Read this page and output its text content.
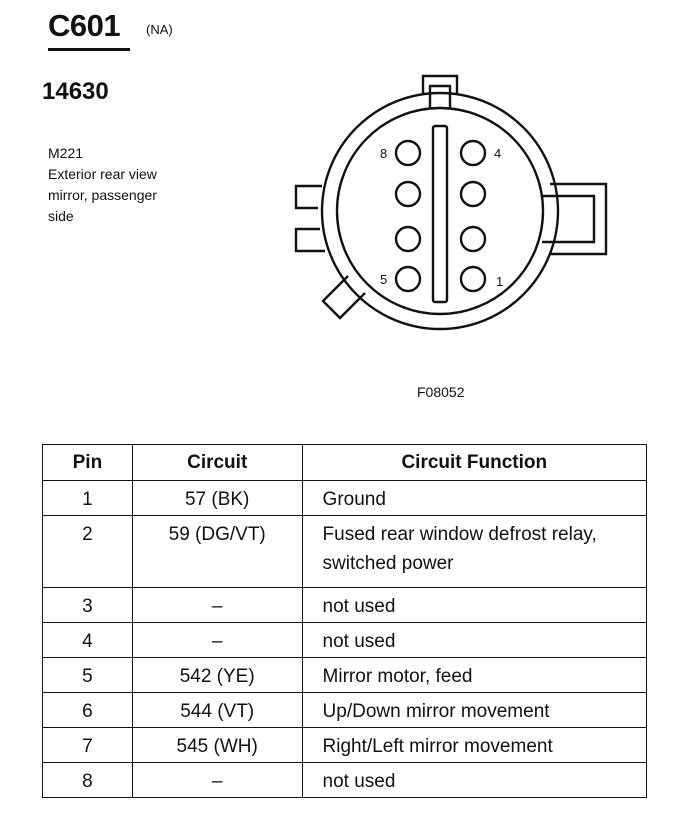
C601 (NA)
14630
M221
Exterior rear view
mirror, passenger
side
8	4
5	1
F08052
Pin	Circuit	Circuit Function
1	57 (BK)	Ground
2	59 (DG/VT)	Fused rear window defrost relay, switched power
3	–	not used
4	–	not used
5	542 (YE)	Mirror motor, feed
6	544 (VT)	Up/Down mirror movement
7	545 (WH)	Right/Left mirror movement
8	–	not used
